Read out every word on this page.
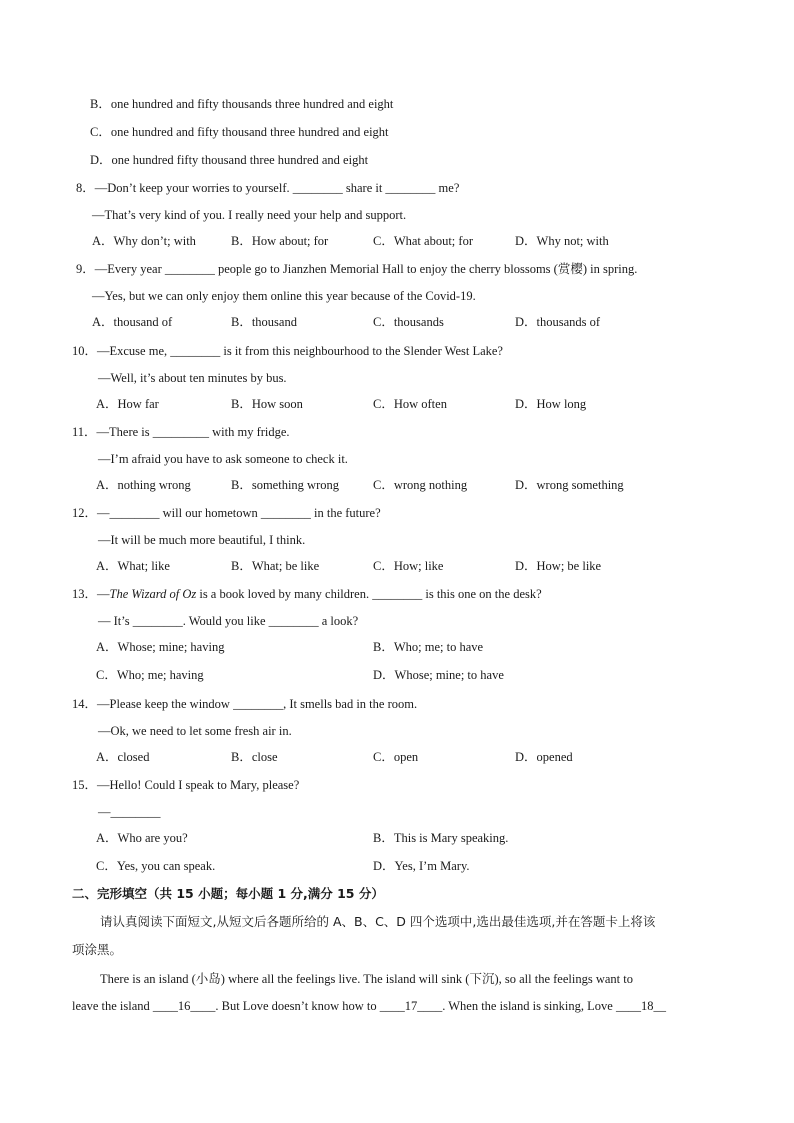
B．one hundred and fifty thousands three hundred and eight
C．one hundred and fifty thousand three hundred and eight
D．one hundred fifty thousand three hundred and eight
8．—Don’t keep your worries to yourself. ________ share it ________ me?
—That’s very kind of you. I really need your help and support.
A．Why don’t; with	B．How about; for	C．What about; for	D．Why not; with
9．—Every year ________ people go to Jianzhen Memorial Hall to enjoy the cherry blossoms (赏樱) in spring.
—Yes, but we can only enjoy them online this year because of the Covid-19.
A．thousand of	B．thousand	C．thousands	D．thousands of
10．—Excuse me, ________ is it from this neighbourhood to the Slender West Lake?
—Well, it’s about ten minutes by bus.
A．How far	B．How soon	C．How often	D．How long
11．—There is _________ with my fridge.
—I’m afraid you have to ask someone to check it.
A．nothing wrong	B．something wrong	C．wrong nothing	D．wrong something
12．—________ will our hometown ________ in the future?
—It will be much more beautiful, I think.
A．What; like	B．What; be like	C．How; like	D．How; be like
13．—The Wizard of Oz is a book loved by many children. ________ is this one on the desk?
— It’s ________. Would you like ________ a look?
A．Whose; mine; having	B．Who; me; to have
C．Who; me; having	D．Whose; mine; to have
14．—Please keep the window ________, It smells bad in the room.
—Ok, we need to let some fresh air in.
A．closed	B．close	C．open	D．opened
15．—Hello! Could I speak to Mary, please?
—________
A．Who are you?	B．This is Mary speaking.
C．Yes, you can speak.	D．Yes, I’m Mary.
二、完形填空（共 15 小题；每小题 1 分,满分 15 分）
请认真阅读下面短文,从短文后各题所给的 A、B、C、D 四个选项中,选出最佳选项,并在答题卡上将该
项涂黑。
There is an island (小岛) where all the feelings live. The island will sink (下沉), so all the feelings want to
leave the island ____16____. But Love doesn’t know how to ____17____. When the island is sinking, Love ____18__
